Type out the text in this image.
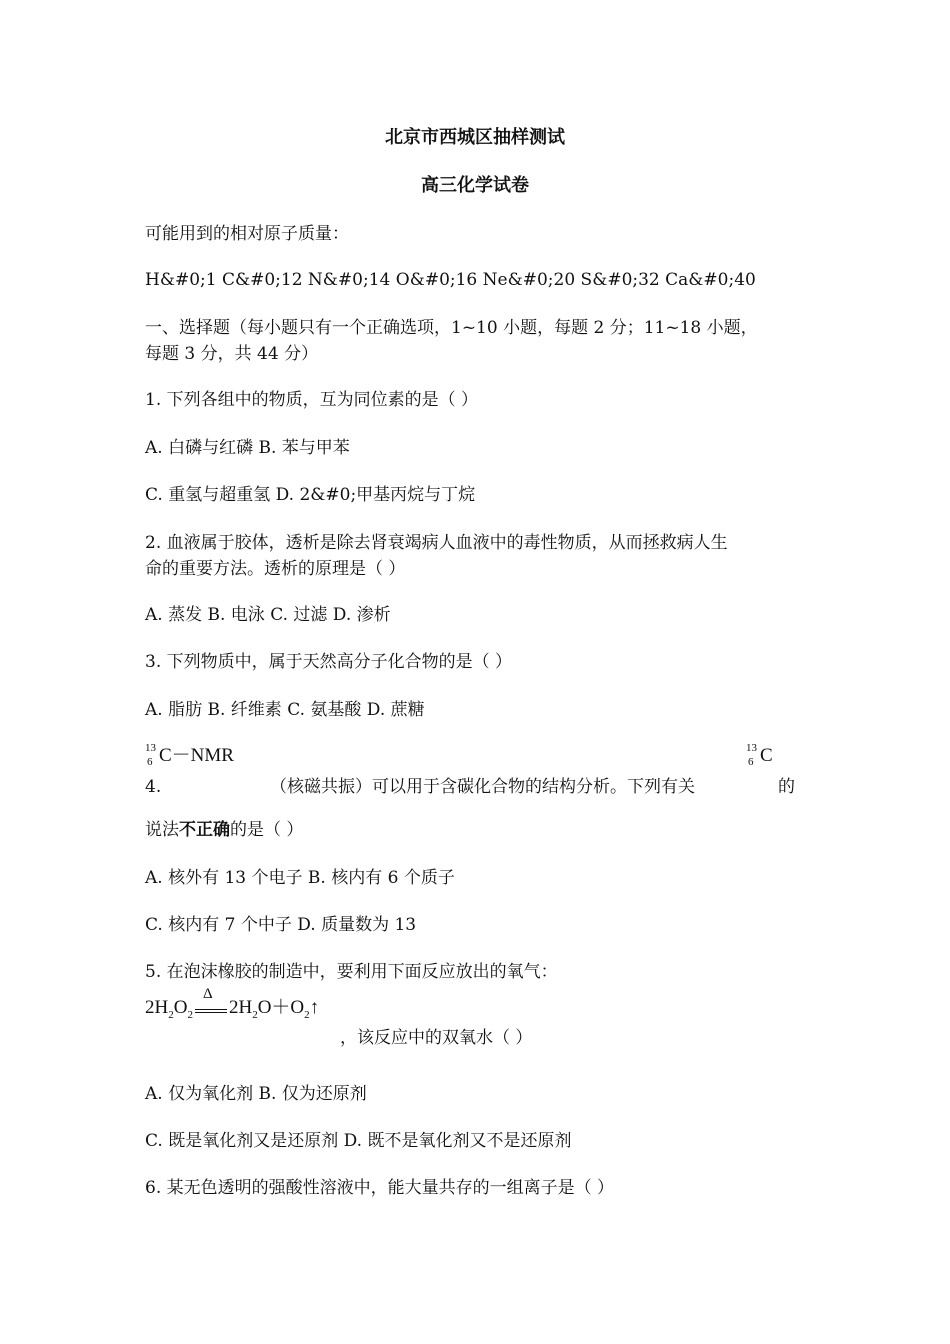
北京市西城区抽样测试
高三化学试卷
可能用到的相对原子质量：
H&#0;1 C&#0;12 N&#0;14 O&#0;16 Ne&#0;20 S&#0;32 Ca&#0;40
一、选择题（每小题只有一个正确选项，1~10 小题，每题 2 分；11~18 小题，
每题 3 分，共 44 分）
1. 下列各组中的物质，互为同位素的是（ ）
A. 白磷与红磷 B. 苯与甲苯
C. 重氢与超重氢 D. 2&#0;甲基丙烷与丁烷
2. 血液属于胶体，透析是除去肾衰竭病人血液中的毒性物质，从而拯救病人生
命的重要方法。透析的原理是（ ）
A. 蒸发 B. 电泳 C. 过滤 D. 渗析
3. 下列物质中，属于天然高分子化合物的是（ ）
A. 脂肪 B. 纤维素 C. 氨基酸 D. 蔗糖
13
6 C－NMR	13
6 C
4.	（核磁共振）可以用于含碳化合物的结构分析。下列有关	的
说法不正确的是（ ）
A. 核外有 13 个电子 B. 核内有 6 个质子
C. 核内有 7 个中子 D. 质量数为 13
5. 在泡沫橡胶的制造中，要利用下面反应放出的氧气：
$2H_2O_2$
Δ
$2H_2O+O_2↑$
，该反应中的双氧水（ ）
A. 仅为氧化剂 B. 仅为还原剂
C. 既是氧化剂又是还原剂 D. 既不是氧化剂又不是还原剂
6. 某无色透明的强酸性溶液中，能大量共存的一组离子是（ ）
